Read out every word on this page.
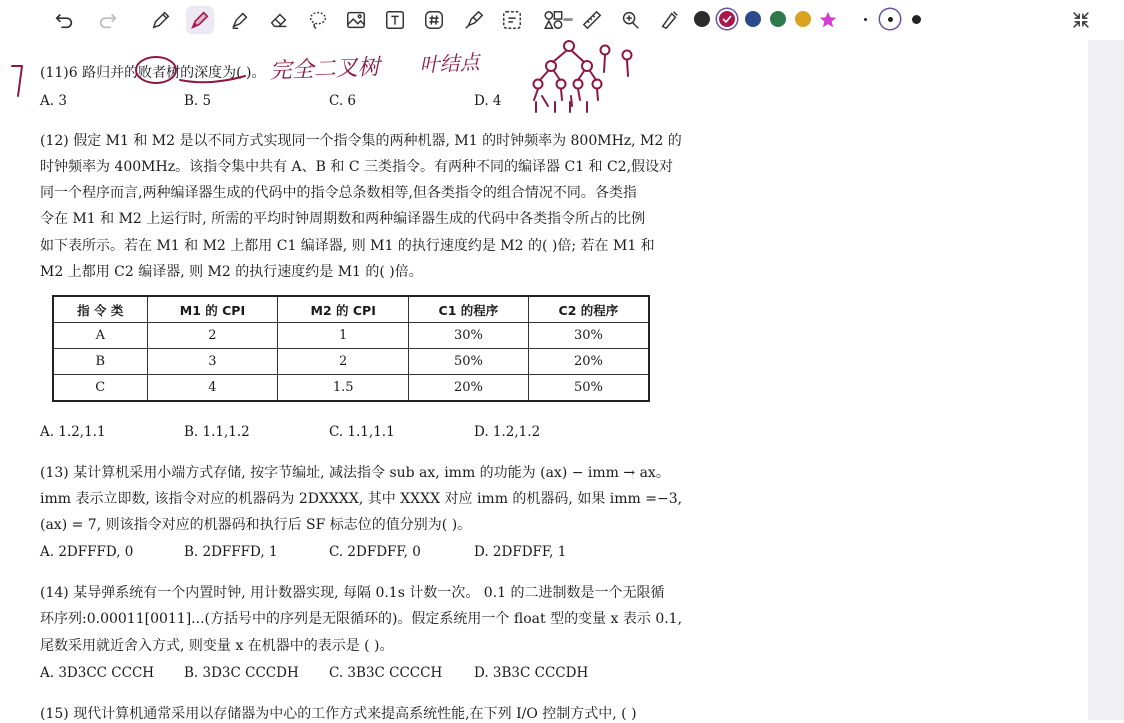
(11)6 路归并的败者树的深度为( )。
A. 3	B. 5	C. 6	D. 4
(12) 假定 M1 和 M2 是以不同方式实现同一个指令集的两种机器, M1 的时钟频率为 800MHz, M2 的
时钟频率为 400MHz。该指令集中共有 A、B 和 C 三类指令。有两种不同的编译器 C1 和 C2,假设对
同一个程序而言,两种编译器生成的代码中的指令总条数相等,但各类指令的组合情况不同。各类指
令在 M1 和 M2 上运行时, 所需的平均时钟周期数和两种编译器生成的代码中各类指令所占的比例
如下表所示。若在 M1 和 M2 上都用 C1 编译器, 则 M1 的执行速度约是 M2 的( )倍; 若在 M1 和
M2 上都用 C2 编译器, 则 M2 的执行速度约是 M1 的( )倍。
指 令 类	M1 的 CPI	M2 的 CPI	C1 的程序	C2 的程序
A	2	1	30%	30%
B	3	2	50%	20%
C	4	1.5	20%	50%
A. 1.2,1.1	B. 1.1,1.2	C. 1.1,1.1	D. 1.2,1.2
(13) 某计算机采用小端方式存储, 按字节编址, 减法指令 sub ax, imm 的功能为 (ax) − imm → ax。
imm 表示立即数, 该指令对应的机器码为 2DXXXX, 其中 XXXX 对应 imm 的机器码, 如果 imm =−3,
(ax) = 7, 则该指令对应的机器码和执行后 SF 标志位的值分别为( )。
A. 2DFFFD, 0	B. 2DFFFD, 1	C. 2DFDFF, 0	D. 2DFDFF, 1
(14) 某导弹系统有一个内置时钟, 用计数器实现, 每隔 0.1s 计数一次。 0.1 的二进制数是一个无限循
环序列:0.00011[0011]...(方括号中的序列是无限循环的)。假定系统用一个 float 型的变量 x 表示 0.1,
尾数采用就近舍入方式, 则变量 x 在机器中的表示是 ( )。
A. 3D3CC CCCH B. 3D3C CCCDH C. 3B3C CCCCH D. 3B3C CCCDH
(15) 现代计算机通常采用以存储器为中心的工作方式来提高系统性能,在下列 I/O 控制方式中, ( )
完全二叉树 叶结点
